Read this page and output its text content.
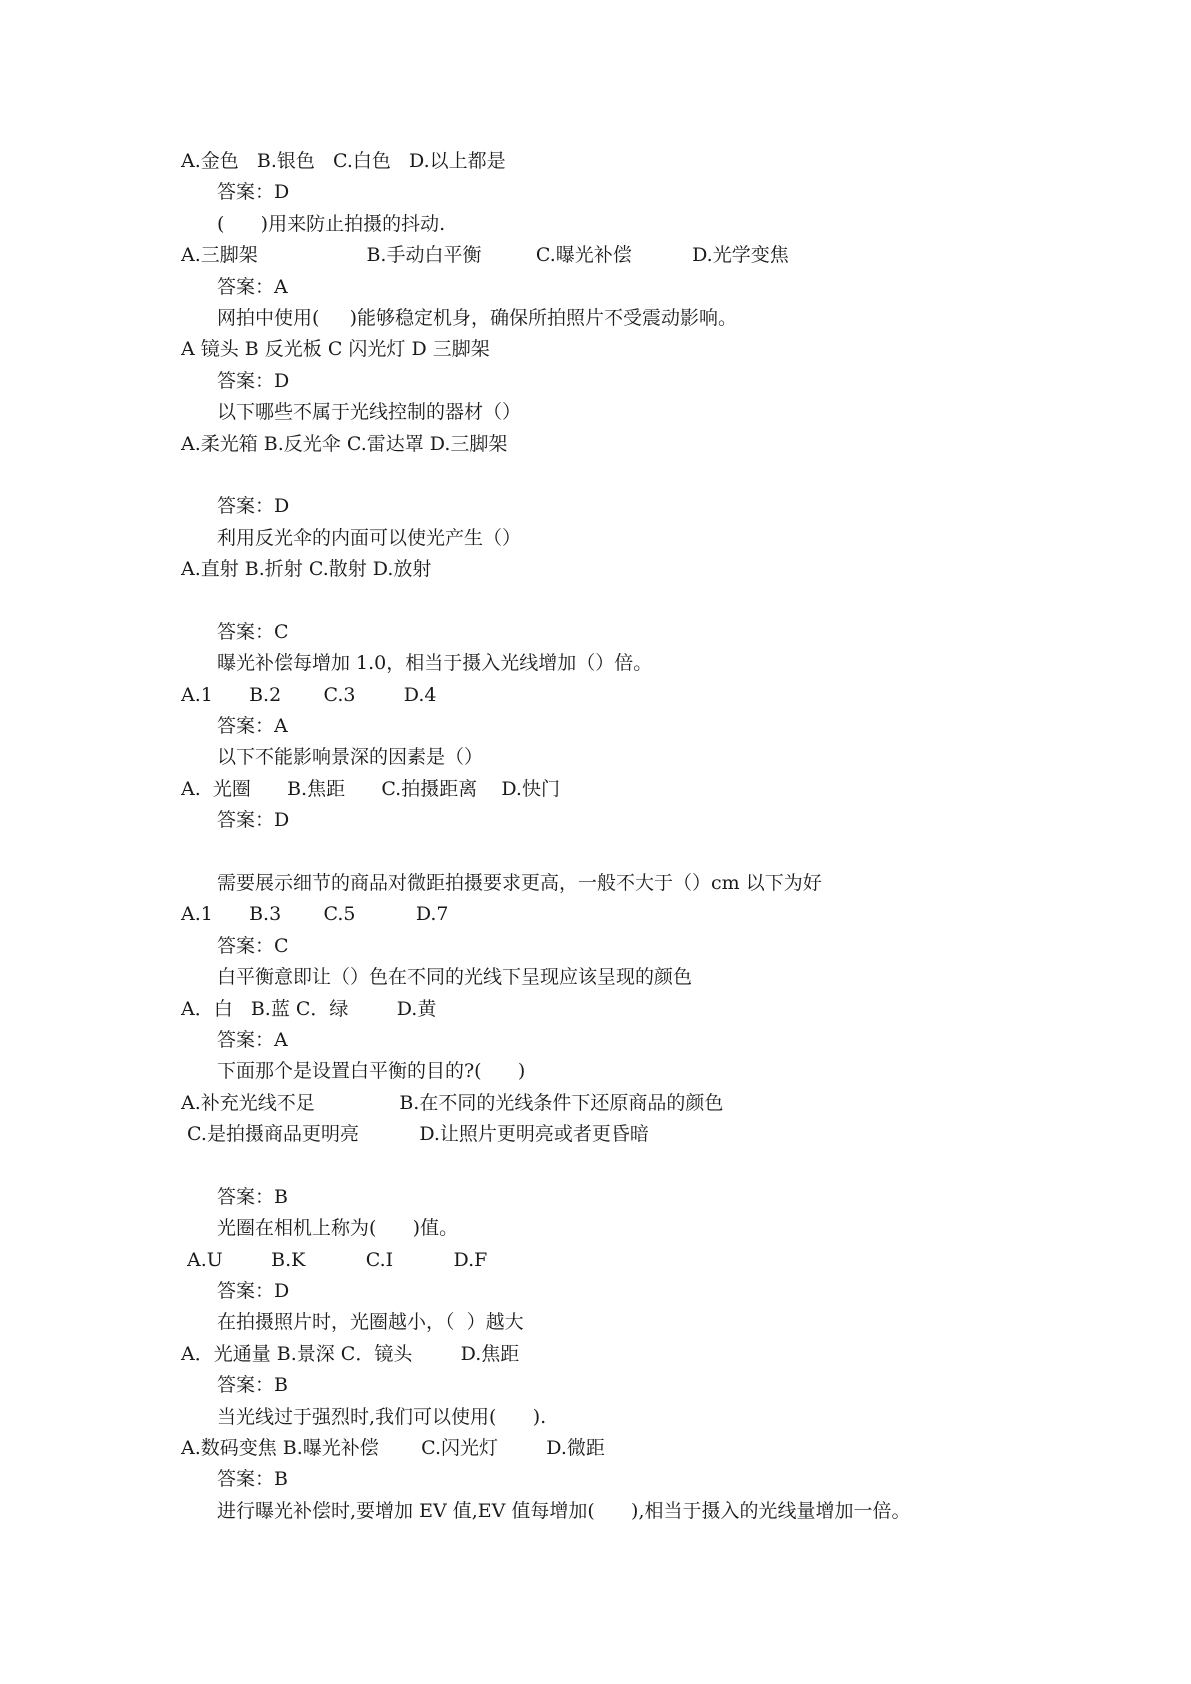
A.金色   B.银色   C.白色   D.以上都是
答案：D
(      )用来防止拍摄的抖动.
A.三脚架                  B.手动白平衡         C.曝光补偿          D.光学变焦
答案：A
网拍中使用(     )能够稳定机身，确保所拍照片不受震动影响。
A 镜头 B 反光板 C 闪光灯 D 三脚架
答案：D
以下哪些不属于光线控制的器材（）
A.柔光箱 B.反光伞 C.雷达罩 D.三脚架
答案：D
利用反光伞的内面可以使光产生（）
A.直射 B.折射 C.散射 D.放射
答案：C
曝光补偿每增加 1.0，相当于摄入光线增加（）倍。
A.1      B.2       C.3        D.4
答案：A
以下不能影响景深的因素是（）
A.  光圈      B.焦距      C.拍摄距离    D.快门
答案：D
需要展示细节的商品对微距拍摄要求更高，一般不大于（）cm 以下为好
A.1      B.3       C.5          D.7
答案：C
白平衡意即让（）色在不同的光线下呈现应该呈现的颜色
A．白   B.蓝 C．绿        D.黄
答案：A
下面那个是设置白平衡的目的?(      )
A.补充光线不足              B.在不同的光线条件下还原商品的颜色
C.是拍摄商品更明亮          D.让照片更明亮或者更昏暗
答案：B
光圈在相机上称为(      )值。
A.U        B.K          C.I          D.F
答案：D
在拍摄照片时，光圈越小，（  ）越大
A．光通量 B.景深 C．镜头        D.焦距
答案：B
当光线过于强烈时,我们可以使用(      ).
A.数码变焦 B.曝光补偿       C.闪光灯        D.微距
答案：B
进行曝光补偿时,要增加 EV 值,EV 值每增加(      ),相当于摄入的光线量增加一倍。
